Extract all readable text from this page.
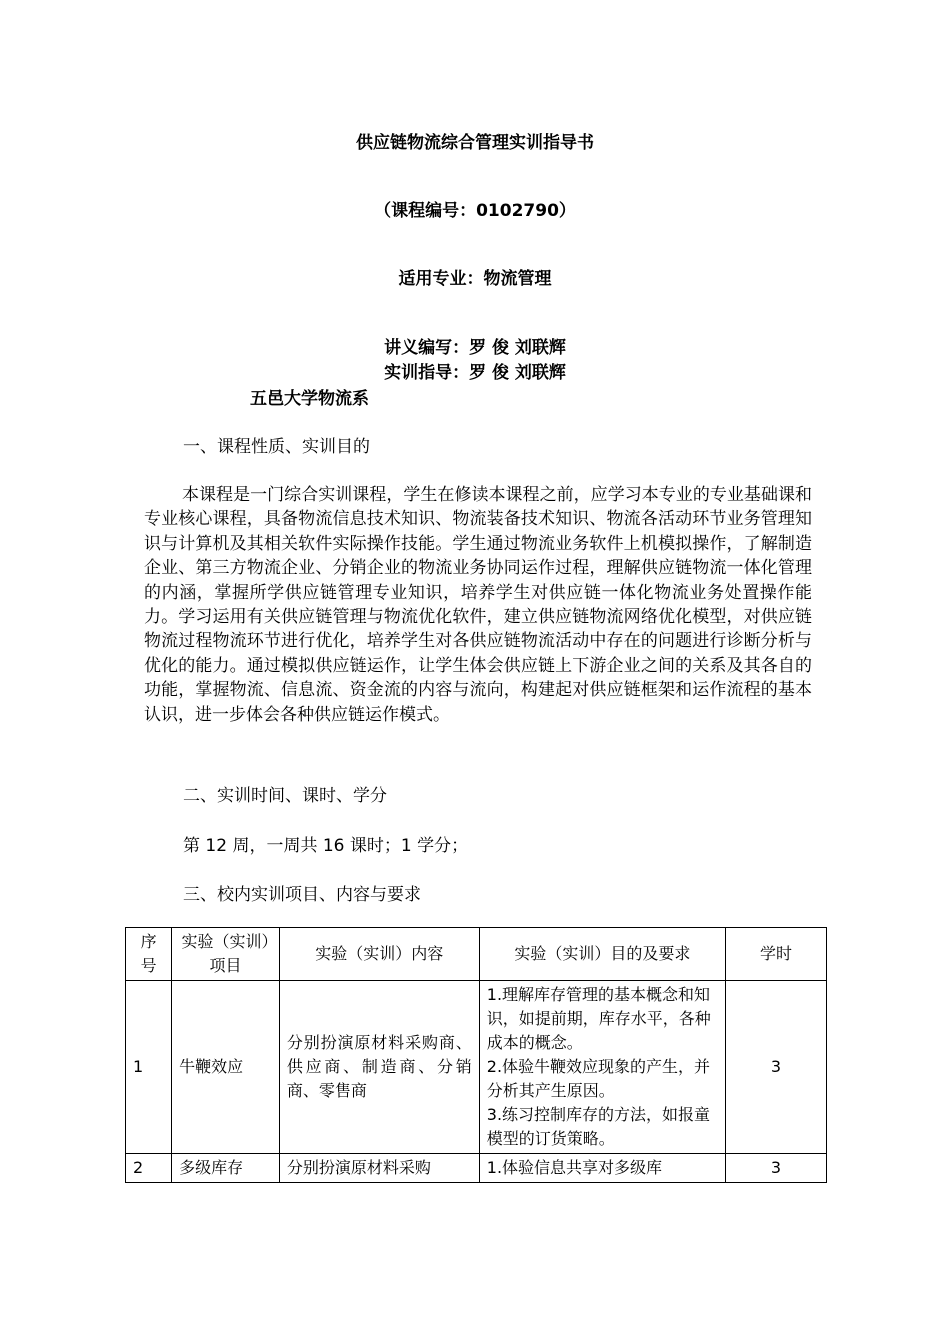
供应链物流综合管理实训指导书

（课程编号：0102790）

适用专业：物流管理

讲义编写：罗 俊 刘联辉

实训指导：罗 俊 刘联辉

五邑大学物流系

一、课程性质、实训目的

本课程是一门综合实训课程，学生在修读本课程之前，应学习本专业的专业基础课和专业核心课程，具备物流信息技术知识、物流装备技术知识、物流各活动环节业务管理知识与计算机及其相关软件实际操作技能。学生通过物流业务软件上机模拟操作，了解制造企业、第三方物流企业、分销企业的物流业务协同运作过程，理解供应链物流一体化管理的内涵，掌握所学供应链管理专业知识，培养学生对供应链一体化物流业务处置操作能力。学习运用有关供应链管理与物流优化软件，建立供应链物流网络优化模型，对供应链物流过程物流环节进行优化，培养学生对各供应链物流活动中存在的问题进行诊断分析与优化的能力。通过模拟供应链运作，让学生体会供应链上下游企业之间的关系及其各自的功能，掌握物流、信息流、资金流的内容与流向，构建起对供应链框架和运作流程的基本认识，进一步体会各种供应链运作模式。

二、实训时间、课时、学分

第 12 周，一周共 16 课时；1 学分；

三、校内实训项目、内容与要求

序号	实验（实训）项目	实验（实训）内容	实验（实训）目的及要求	学时
1	牛鞭效应	分别扮演原材料采购商、供应商、制造商、分销商、零售商	1.理解库存管理的基本概念和知识，如提前期，库存水平，各种成本的概念。

2.体验牛鞭效应现象的产生，并分析其产生原因。

3.练习控制库存的方法，如报童模型的订货策略。	3
2	多级库存	分别扮演原材料采购	1.体验信息共享对多级库	3
